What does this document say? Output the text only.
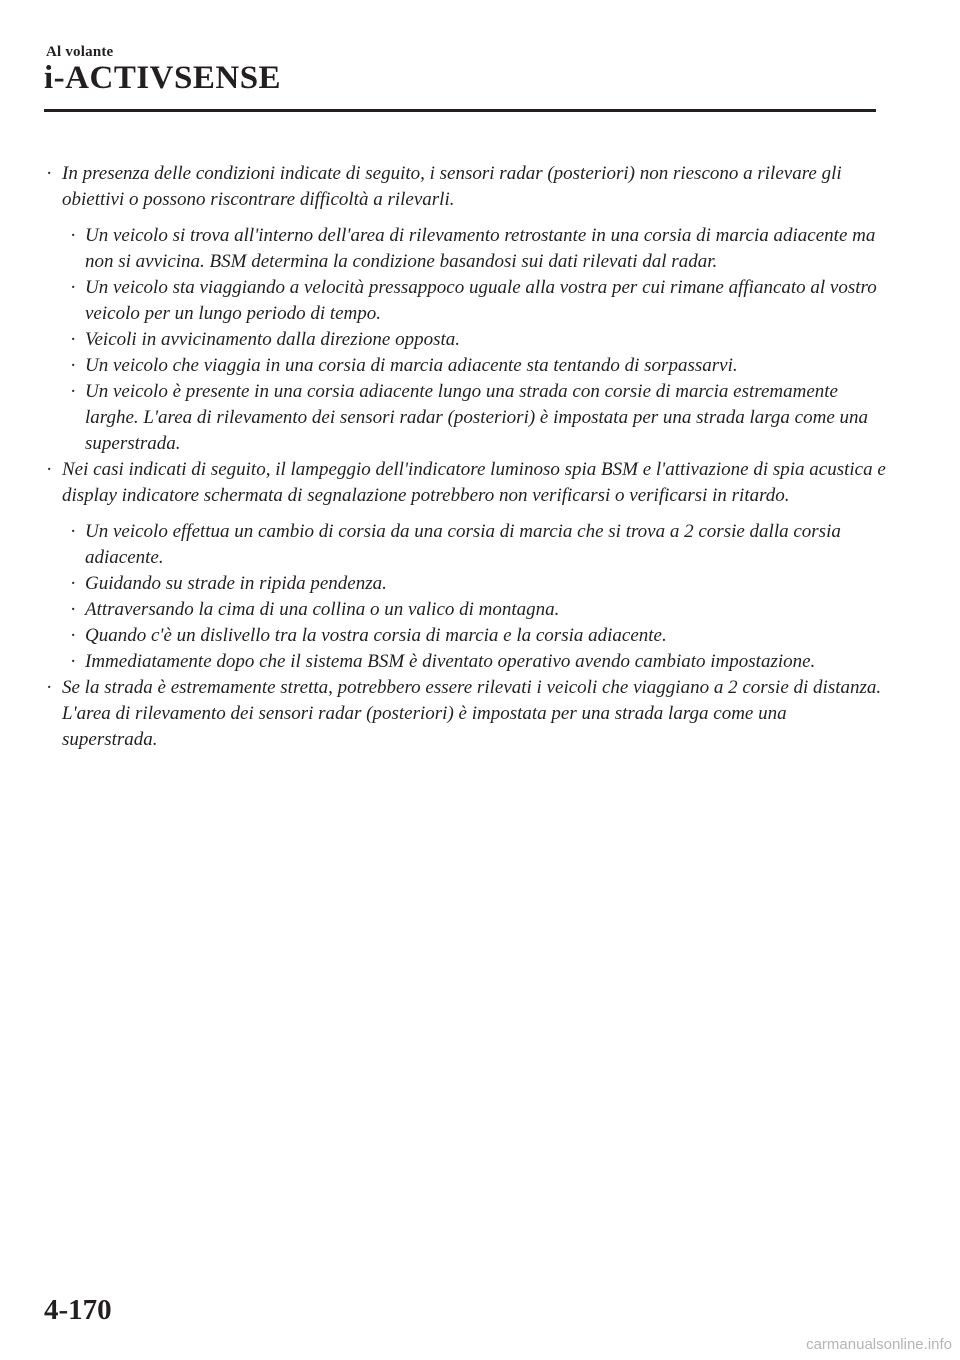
Al volante
i-ACTIVSENSE
· In presenza delle condizioni indicate di seguito, i sensori radar (posteriori) non riescono a rilevare gli obiettivi o possono riscontrare difficoltà a rilevarli.
· Un veicolo si trova all'interno dell'area di rilevamento retrostante in una corsia di marcia adiacente ma non si avvicina. BSM determina la condizione basandosi sui dati rilevati dal radar.
· Un veicolo sta viaggiando a velocità pressappoco uguale alla vostra per cui rimane affiancato al vostro veicolo per un lungo periodo di tempo.
· Veicoli in avvicinamento dalla direzione opposta.
· Un veicolo che viaggia in una corsia di marcia adiacente sta tentando di sorpassarvi.
· Un veicolo è presente in una corsia adiacente lungo una strada con corsie di marcia estremamente larghe. L'area di rilevamento dei sensori radar (posteriori) è impostata per una strada larga come una superstrada.
· Nei casi indicati di seguito, il lampeggio dell'indicatore luminoso spia BSM e l'attivazione di spia acustica e display indicatore schermata di segnalazione potrebbero non verificarsi o verificarsi in ritardo.
· Un veicolo effettua un cambio di corsia da una corsia di marcia che si trova a 2 corsie dalla corsia adiacente.
· Guidando su strade in ripida pendenza.
· Attraversando la cima di una collina o un valico di montagna.
· Quando c'è un dislivello tra la vostra corsia di marcia e la corsia adiacente.
· Immediatamente dopo che il sistema BSM è diventato operativo avendo cambiato impostazione.
· Se la strada è estremamente stretta, potrebbero essere rilevati i veicoli che viaggiano a 2 corsie di distanza. L'area di rilevamento dei sensori radar (posteriori) è impostata per una strada larga come una superstrada.
4-170
carmanualsonline.info
